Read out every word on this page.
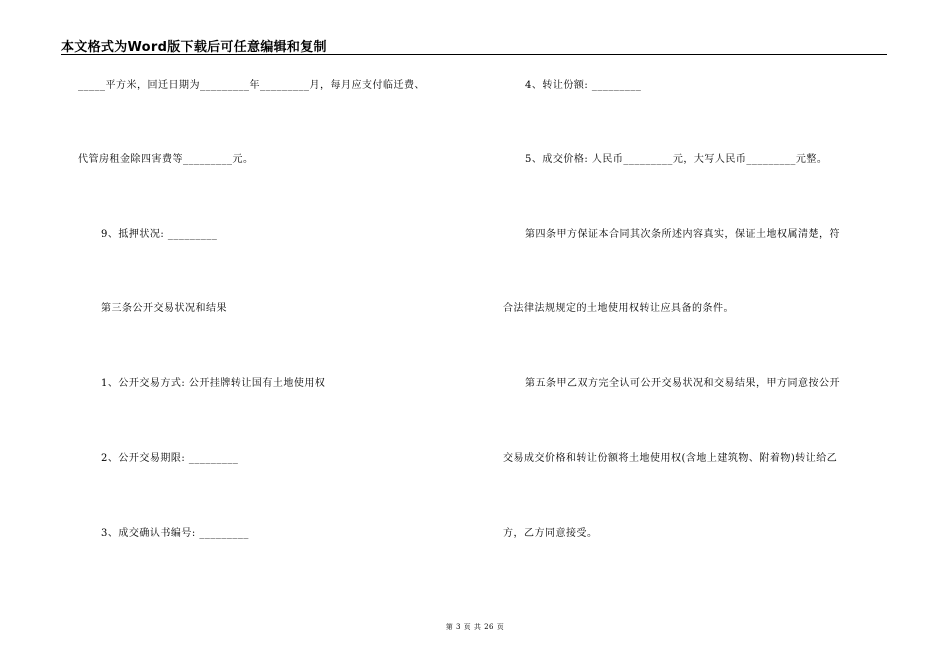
本文格式为Word版下载后可任意编辑和复制
_____平方米，回迁日期为_________年_________月，每月应支付临迁费、
代管房租金除四害费等_________元。
9、抵押状况: _________
第三条公开交易状况和结果
1、公开交易方式: 公开挂牌转让国有土地使用权
2、公开交易期限: _________
3、成交确认书编号: _________
4、转让份额: _________
5、成交价格: 人民币_________元，大写人民币_________元整。
第四条甲方保证本合同其次条所述内容真实，保证土地权属清楚，符
合法律法规规定的土地使用权转让应具备的条件。
第五条甲乙双方完全认可公开交易状况和交易结果，甲方同意按公开
交易成交价格和转让份额将土地使用权(含地上建筑物、附着物)转让给乙
方，乙方同意接受。
第 3 页 共 26 页
